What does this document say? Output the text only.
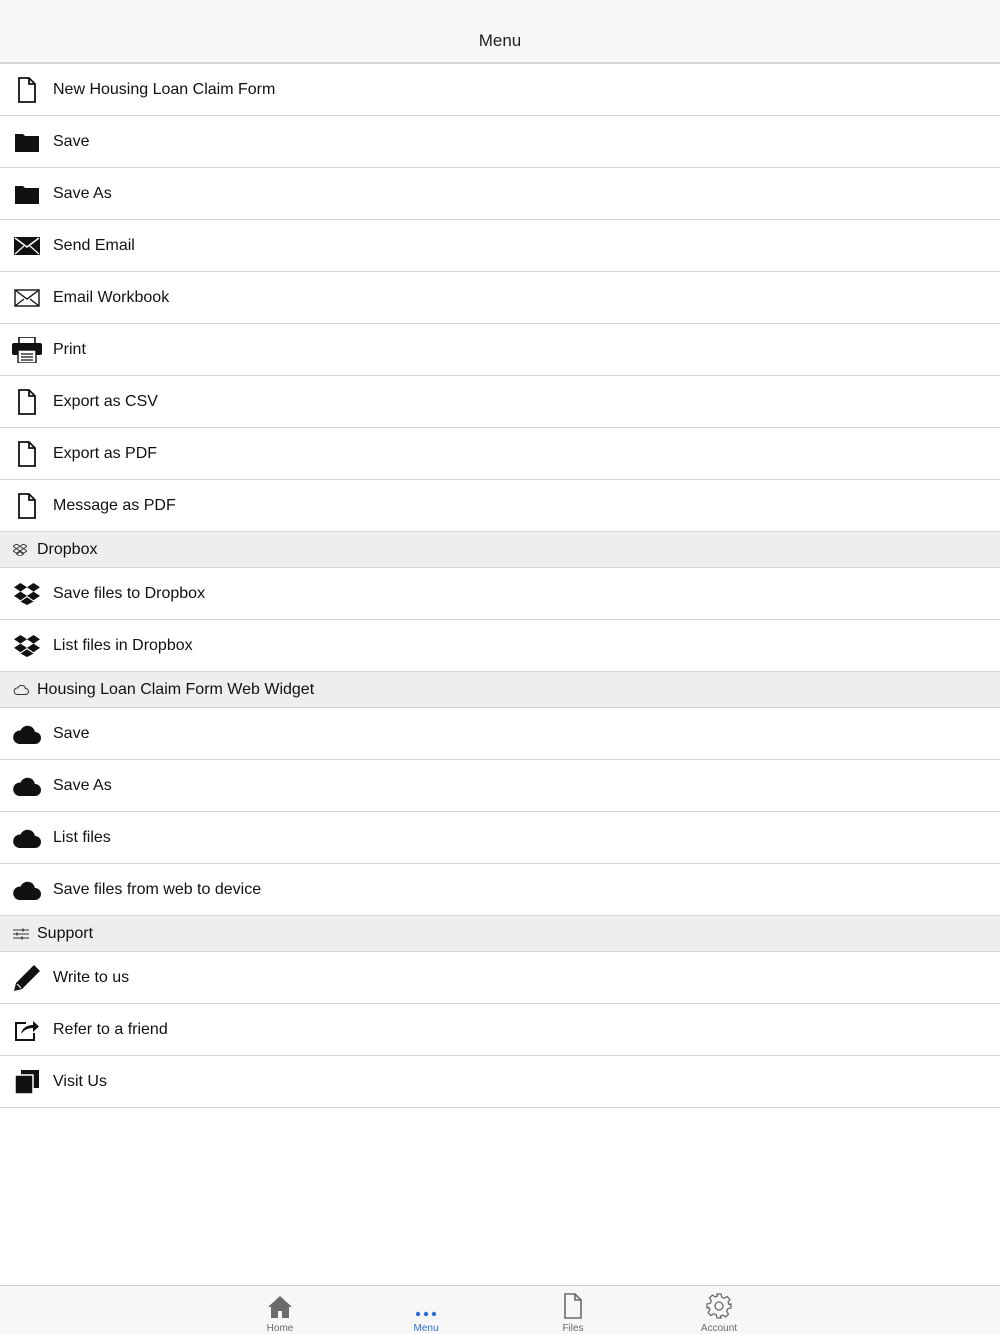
Menu
New Housing Loan Claim Form
Save
Save As
Send Email
Email Workbook
Print
Export as CSV
Export as PDF
Message as PDF
Dropbox
Save files to Dropbox
List files in Dropbox
Housing Loan Claim Form Web Widget
Save
Save As
List files
Save files from web to device
Support
Write to us
Refer to a friend
Visit Us
Home	Menu	Files	Account
